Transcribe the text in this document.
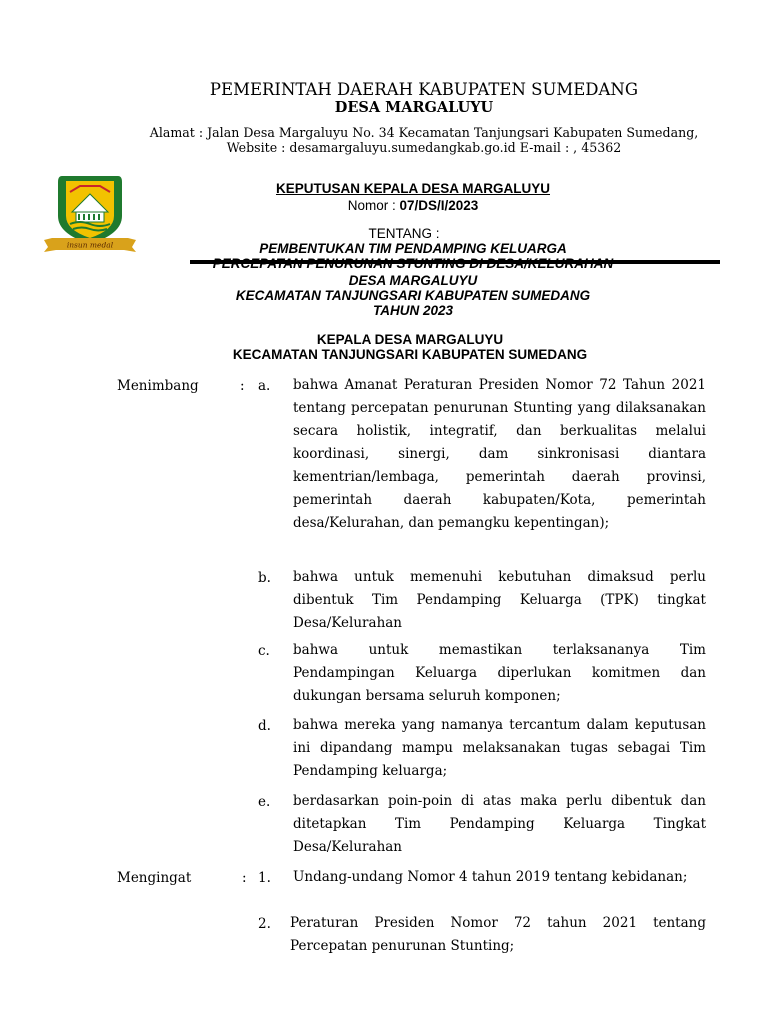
PEMERINTAH DAERAH KABUPATEN SUMEDANG
DESA MARGALUYU
Alamat : Jalan Desa Margaluyu No. 34 Kecamatan Tanjungsari Kabupaten Sumedang,
Website : desamargaluyu.sumedangkab.go.id E-mail : , 45362
insun medal
KEPUTUSAN KEPALA DESA MARGALUYU
Nomor : 07/DS/I/2023
TENTANG :
PEMBENTUKAN TIM PENDAMPING KELUARGA
PERCEPATAN PENURUNAN STUNTING DI DESA/KELURAHAN
DESA MARGALUYU
KECAMATAN TANJUNGSARI KABUPATEN SUMEDANG
TAHUN 2023
KEPALA DESA MARGALUYU
KECAMATAN TANJUNGSARI KABUPATEN SUMEDANG
Menimbang	: a. bahwa Amanat Peraturan Presiden Nomor 72 Tahun 2021 tentang percepatan penurunan Stunting yang dilaksanakan secara holistik, integratif, dan berkualitas melalui koordinasi, sinergi, dam sinkronisasi diantara kementrian/lembaga, pemerintah daerah provinsi, pemerintah daerah kabupaten/Kota, pemerintah desa/Kelurahan, dan pemangku kepentingan);
b. bahwa untuk memenuhi kebutuhan dimaksud perlu dibentuk Tim Pendamping Keluarga (TPK) tingkat Desa/Kelurahan
c. bahwa untuk memastikan terlaksananya Tim Pendampingan Keluarga diperlukan komitmen dan dukungan bersama seluruh komponen;
d. bahwa mereka yang namanya tercantum dalam keputusan ini dipandang mampu melaksanakan tugas sebagai Tim Pendamping keluarga;
e. berdasarkan poin-poin di atas maka perlu dibentuk dan ditetapkan Tim Pendamping Keluarga Tingkat Desa/Kelurahan
Mengingat	: 1. Undang-undang Nomor 4 tahun 2019 tentang kebidanan;
2. Peraturan Presiden Nomor 72 tahun 2021 tentang Percepatan penurunan Stunting;
